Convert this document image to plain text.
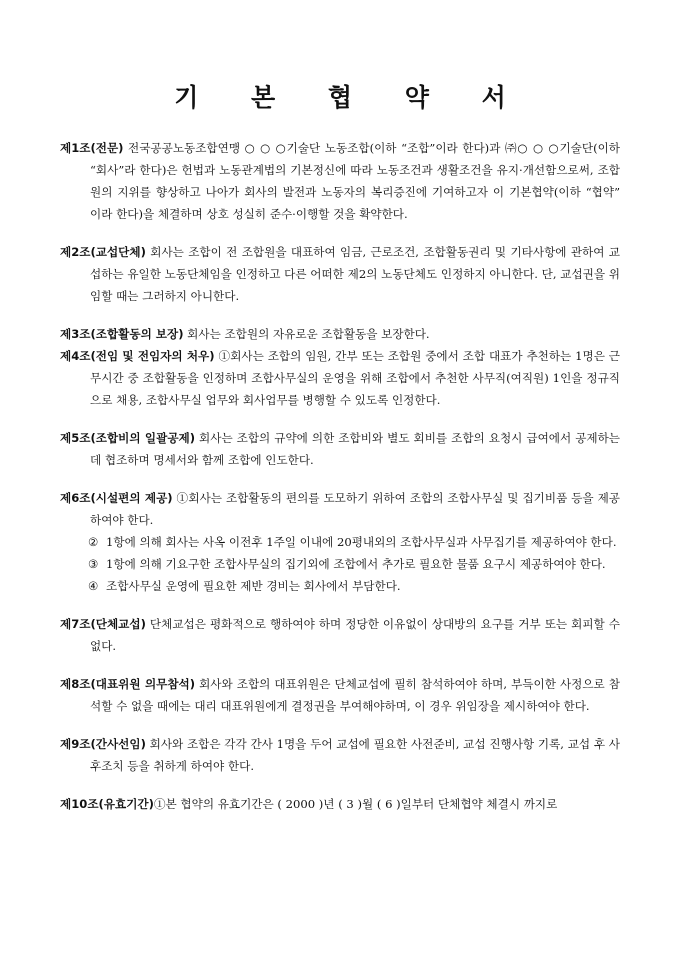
기 본 협 약 서

제1조(전문) 전국공공노동조합연맹 ○ ○ ○기술단 노동조합(이하 “조합”이라 한다)과 ㈜○ ○ ○기술단(이하 “회사”라 한다)은 헌법과 노동관계법의 기본정신에 따라 노동조건과 생활조건을 유지·개선함으로써, 조합원의 지위를 향상하고 나아가 회사의 발전과 노동자의 복리증진에 기여하고자 이 기본협약(이하 “협약” 이라 한다)을 체결하며 상호 성실히 준수·이행할 것을 확약한다.

제2조(교섭단체) 회사는 조합이 전 조합원을 대표하여 임금, 근로조건, 조합활동권리 및 기타사항에 관하여 교섭하는 유일한 노동단체임을 인정하고 다른 어떠한 제2의 노동단체도 인정하지 아니한다. 단, 교섭권을 위임할 때는 그러하지 아니한다.

제3조(조합활동의 보장) 회사는 조합원의 자유로운 조합활동을 보장한다.

제4조(전임 및 전임자의 처우) ①회사는 조합의 임원, 간부 또는 조합원 중에서 조합 대표가 추천하는 1명은 근무시간 중 조합활동을 인정하며 조합사무실의 운영을 위해 조합에서 추천한 사무직(여직원) 1인을 정규직으로 채용, 조합사무실 업무와 회사업무를 병행할 수 있도록 인정한다.

제5조(조합비의 일괄공제) 회사는 조합의 규약에 의한 조합비와 별도 회비를 조합의 요청시 급여에서 공제하는데 협조하며 명세서와 함께 조합에 인도한다.

제6조(시설편의 제공) ①회사는 조합활동의 편의를 도모하기 위하여 조합의 조합사무실 및 집기비품 등을 제공하여야 한다.

② 1항에 의해 회사는 사옥 이전후 1주일 이내에 20평내외의 조합사무실과 사무집기를 제공하여야 한다.

③ 1항에 의해 기요구한 조합사무실의 집기외에 조합에서 추가로 필요한 물품 요구시 제공하여야 한다.

④ 조합사무실 운영에 필요한 제반 경비는 회사에서 부담한다.

제7조(단체교섭) 단체교섭은 평화적으로 행하여야 하며 정당한 이유없이 상대방의 요구를 거부 또는 회피할 수 없다.

제8조(대표위원 의무참석) 회사와 조합의 대표위원은 단체교섭에 필히 참석하여야 하며, 부득이한 사정으로 참석할 수 없을 때에는 대리 대표위원에게 결정권을 부여해야하며, 이 경우 위임장을 제시하여야 한다.

제9조(간사선임) 회사와 조합은 각각 간사 1명을 두어 교섭에 필요한 사전준비, 교섭 진행사항 기록, 교섭 후 사후조치 등을 취하게 하여야 한다.

제10조(유효기간)①본 협약의 유효기간은 ( 2000 )년 ( 3 )월 ( 6 )일부터 단체협약 체결시 까지로
